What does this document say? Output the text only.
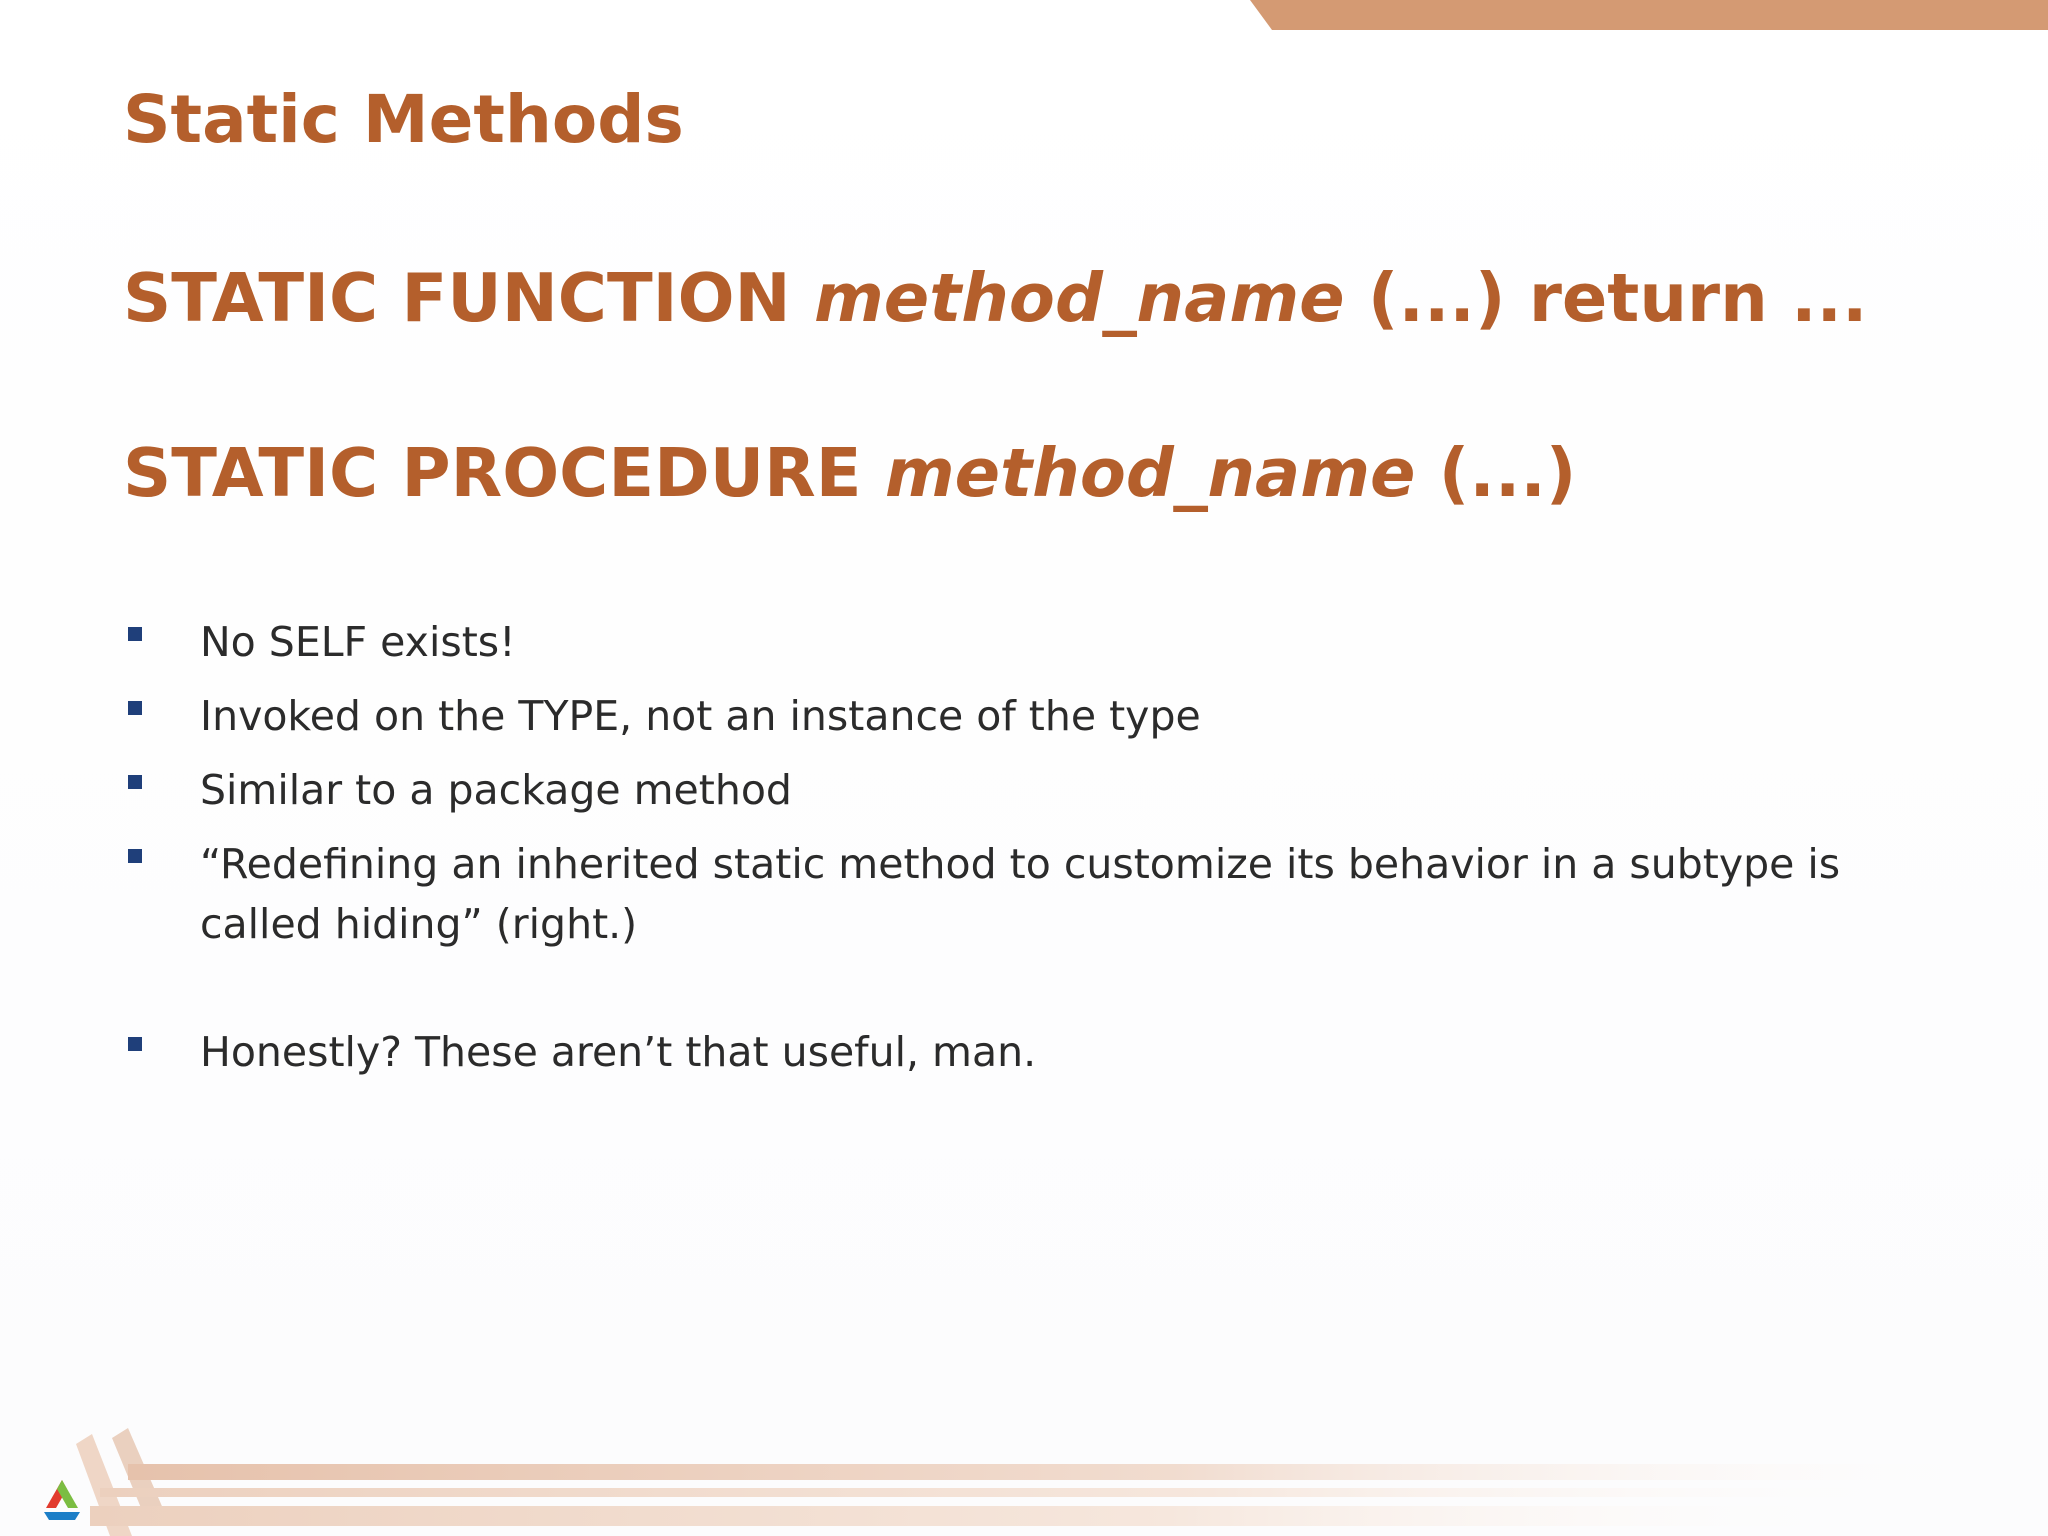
Static Methods
STATIC FUNCTION method_name (...) return ...
STATIC PROCEDURE method_name (...)
No SELF exists!
Invoked on the TYPE, not an instance of the type
Similar to a package method
“Redefining an inherited static method to customize its behavior in a subtype is called hiding” (right.)
Honestly? These aren’t that useful, man.
